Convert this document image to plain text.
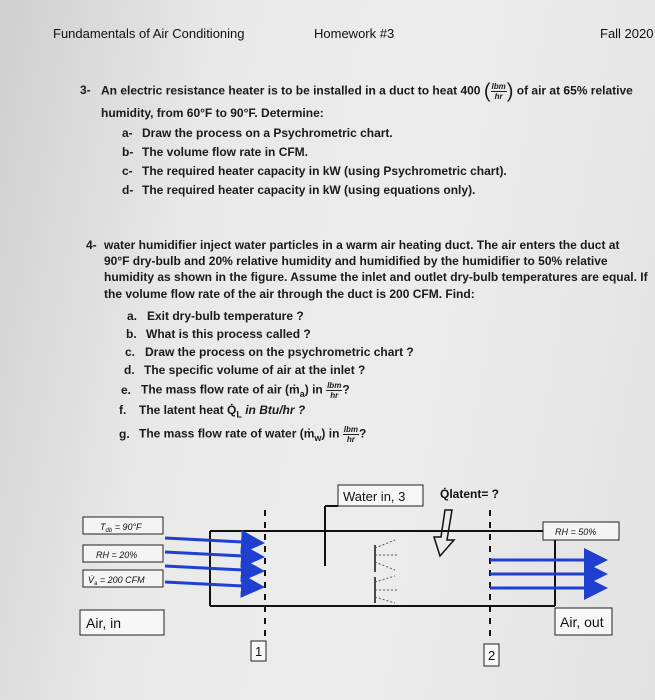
Fundamentals of Air Conditioning	Homework #3	Fall 2020
3- An electric resistance heater is to be installed in a duct to heat 400 ( $\frac{\text{lbm}}{hr}$ ) of air at 65% relative
humidity, from 60°F to 90°F. Determine:
a- Draw the process on a Psychrometric chart.
b- The volume flow rate in CFM.
c- The required heater capacity in kW (using Psychrometric chart).
d- The required heater capacity in kW (using equations only).
4- water humidifier inject water particles in a warm air heating duct. The air enters the duct at
90°F dry-bulb and 20% relative humidity and humidified by the humidifier to 50% relative
humidity as shown in the figure. Assume the inlet and outlet dry-bulb temperatures are equal. If
the volume flow rate of the air through the duct is 200 CFM. Find:
a. Exit dry-bulb temperature ?
b. What is this process called ?
c. Draw the process on the psychrometric chart ?
d. The specific volume of air at the inlet ?
e. The mass flow rate of air (ṁ$_a$) in $\frac{\text{lbm}}{hr}$ ?
f. The latent heat $Q̇_L$ in Btu/hr ?
g. The mass flow rate of water (ṁ$_w$) in $\frac{\text{lbm}}{hr}$ ?
Water in, 3	Q̇latent= ?
$T_{db} = 90^\circ F$
RH = 20%
$V̇_a = 200$ CFM
Air, in
RH = 50%
Air, out
1	2
